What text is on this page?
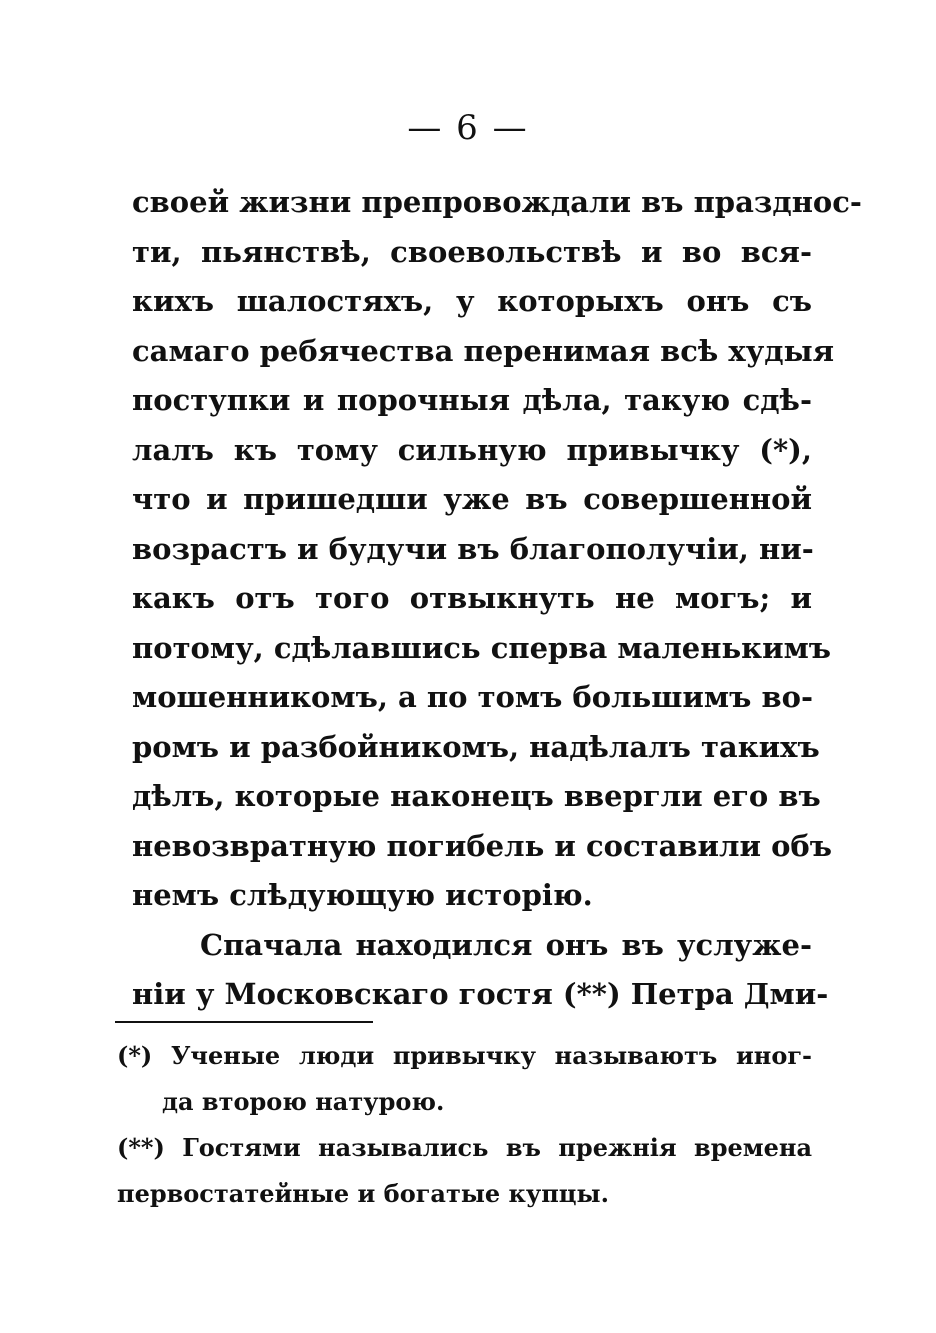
— 6 —
своей жизни препровождали въ празднос-
ти, пьянствѣ, своевольствѣ и во вся-
кихъ шалостяхъ, у которыхъ онъ съ
самаго ребячества перенимая всѣ худыя
поступки и порочныя дѣла, такую сдѣ-
лалъ къ тому сильную привычку (*),
что и пришедши уже въ совершенной
возрастъ и будучи въ благополучіи, ни-
какъ отъ того отвыкнуть не могъ; и
потому, сдѣлавшись сперва маленькимъ
мошенникомъ, а по томъ большимъ во-
ромъ и разбойникомъ, надѣлалъ такихъ
дѣлъ, которые наконецъ ввергли его въ
невозвратную погибель и составили объ
немъ слѣдующую исторію.
Спачала находился онъ въ услуже-
ніи у Московскаго гостя (**) Петра Дми-
(*) Ученые люди привычку называютъ иног-
да второю натурою.
(**) Гостями назывались въ прежнія времена
первостатейные и богатые купцы.
